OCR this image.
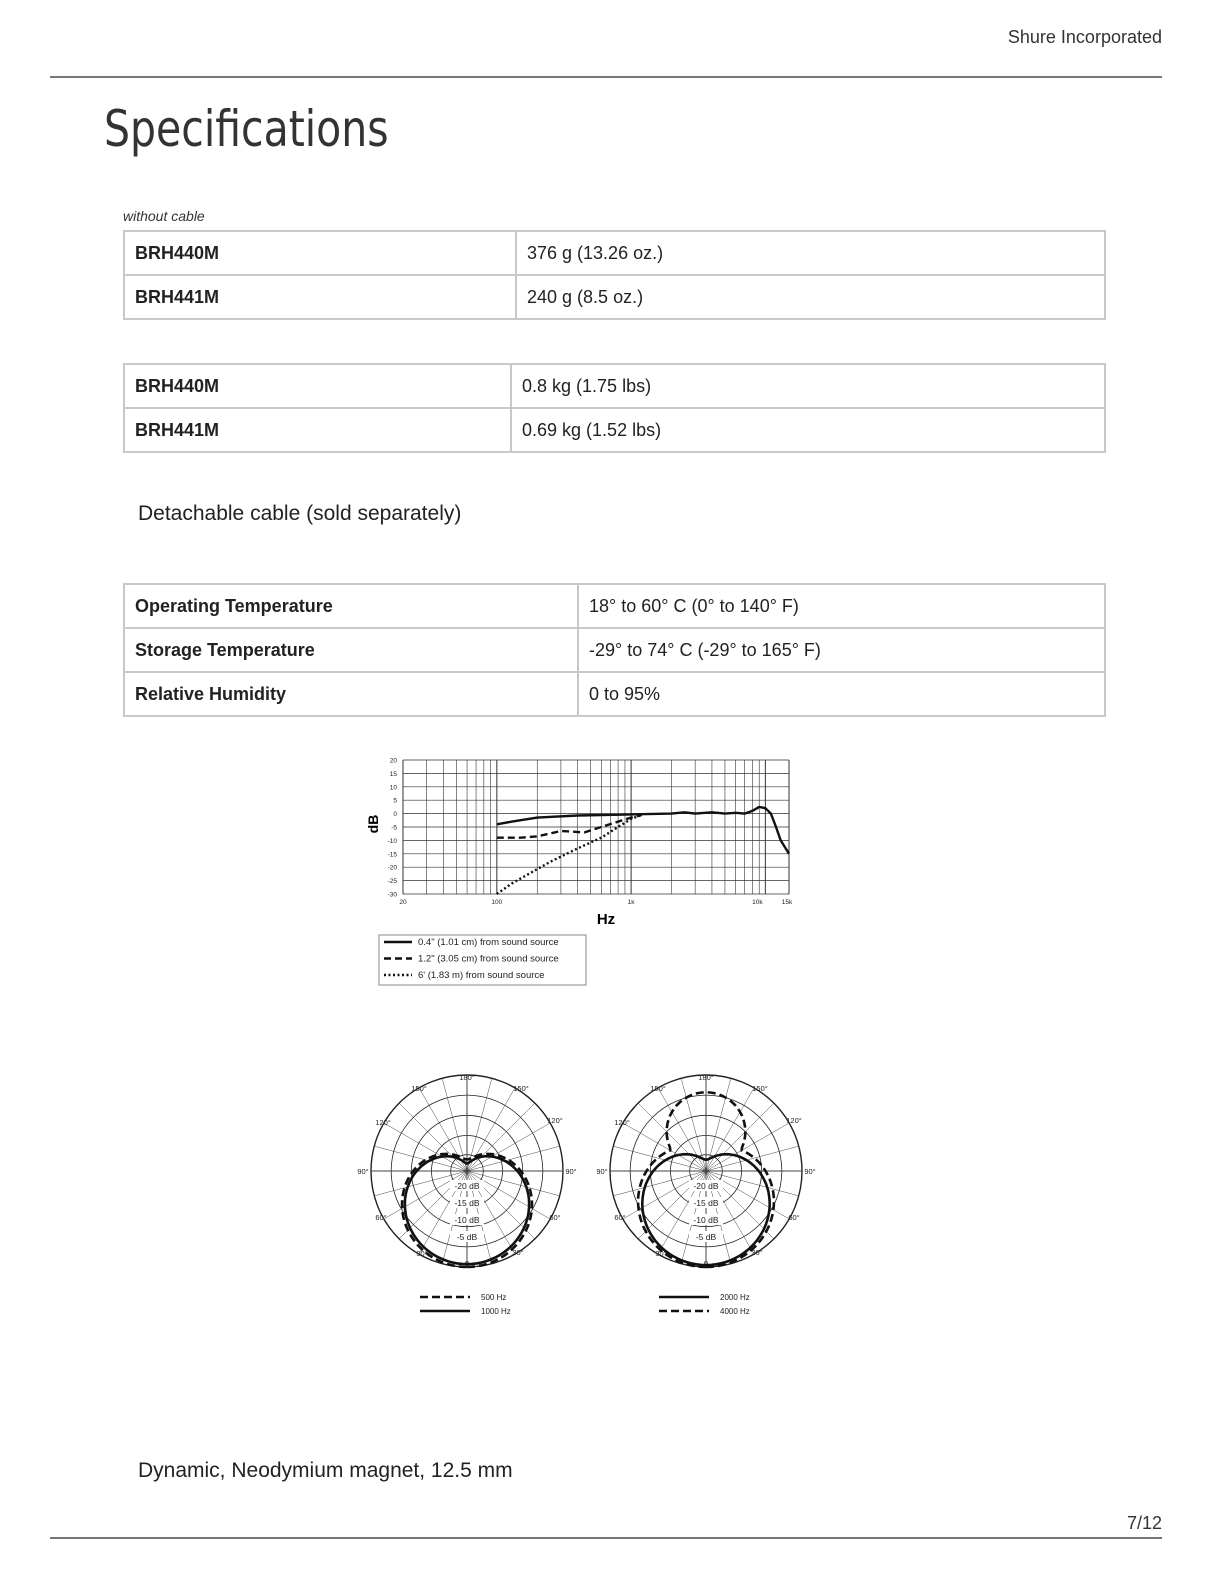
Shure Incorporated
Specifications
without cable
BRH440M	376 g (13.26 oz.)
BRH441M	240 g (8.5 oz.)
BRH440M	0.8 kg (1.75 lbs)
BRH441M	0.69 kg (1.52 lbs)
Detachable cable (sold separately)
Operating Temperature	18° to 60° C (0° to 140° F)
Storage Temperature	-29° to 74° C (-29° to 165° F)
Relative Humidity	0 to 95%
20
15
10
5
0
-5
-10
-15
-20
-25
-30
20	100	1k	10k	15k
dB
Hz
0.4" (1.01 cm) from sound source
1.2" (3.05 cm) from sound source
6' (1.83 m) from sound source
180°
150°	150°
120°	120°
90°	90°
60°	60°
30°	30°
0
-20 dB
-15 dB
-10 dB
-5 dB
500 Hz
1000 Hz
180°
150°	150°
120°	120°
90°	90°
60°	60°
30°	30°
0
-20 dB
-15 dB
-10 dB
-5 dB
2000 Hz
4000 Hz
Dynamic, Neodymium magnet, 12.5 mm
7/12
